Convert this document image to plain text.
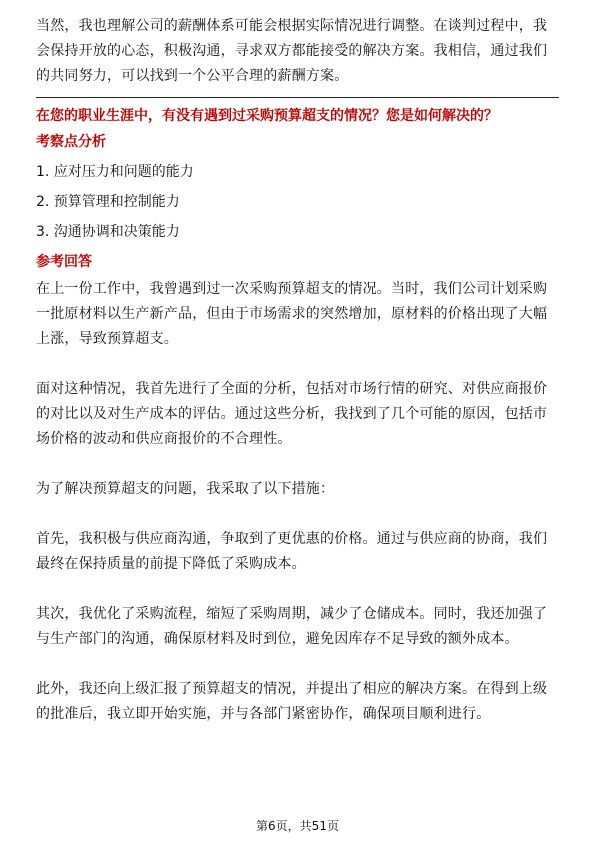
当然，我也理解公司的薪酬体系可能会根据实际情况进行调整。在谈判过程中，我
会保持开放的心态，积极沟通，寻求双方都能接受的解决方案。我相信，通过我们
的共同努力，可以找到一个公平合理的薪酬方案。
在您的职业生涯中，有没有遇到过采购预算超支的情况？您是如何解决的？
考察点分析
1. 应对压力和问题的能力
2. 预算管理和控制能力
3. 沟通协调和决策能力
参考回答
在上一份工作中，我曾遇到过一次采购预算超支的情况。当时，我们公司计划采购
一批原材料以生产新产品，但由于市场需求的突然增加，原材料的价格出现了大幅
上涨，导致预算超支。
面对这种情况，我首先进行了全面的分析，包括对市场行情的研究、对供应商报价
的对比以及对生产成本的评估。通过这些分析，我找到了几个可能的原因，包括市
场价格的波动和供应商报价的不合理性。
为了解决预算超支的问题，我采取了以下措施：
首先，我积极与供应商沟通，争取到了更优惠的价格。通过与供应商的协商，我们
最终在保持质量的前提下降低了采购成本。
其次，我优化了采购流程，缩短了采购周期，减少了仓储成本。同时，我还加强了
与生产部门的沟通，确保原材料及时到位，避免因库存不足导致的额外成本。
此外，我还向上级汇报了预算超支的情况，并提出了相应的解决方案。在得到上级
的批准后，我立即开始实施，并与各部门紧密协作，确保项目顺利进行。
第6页，共51页
